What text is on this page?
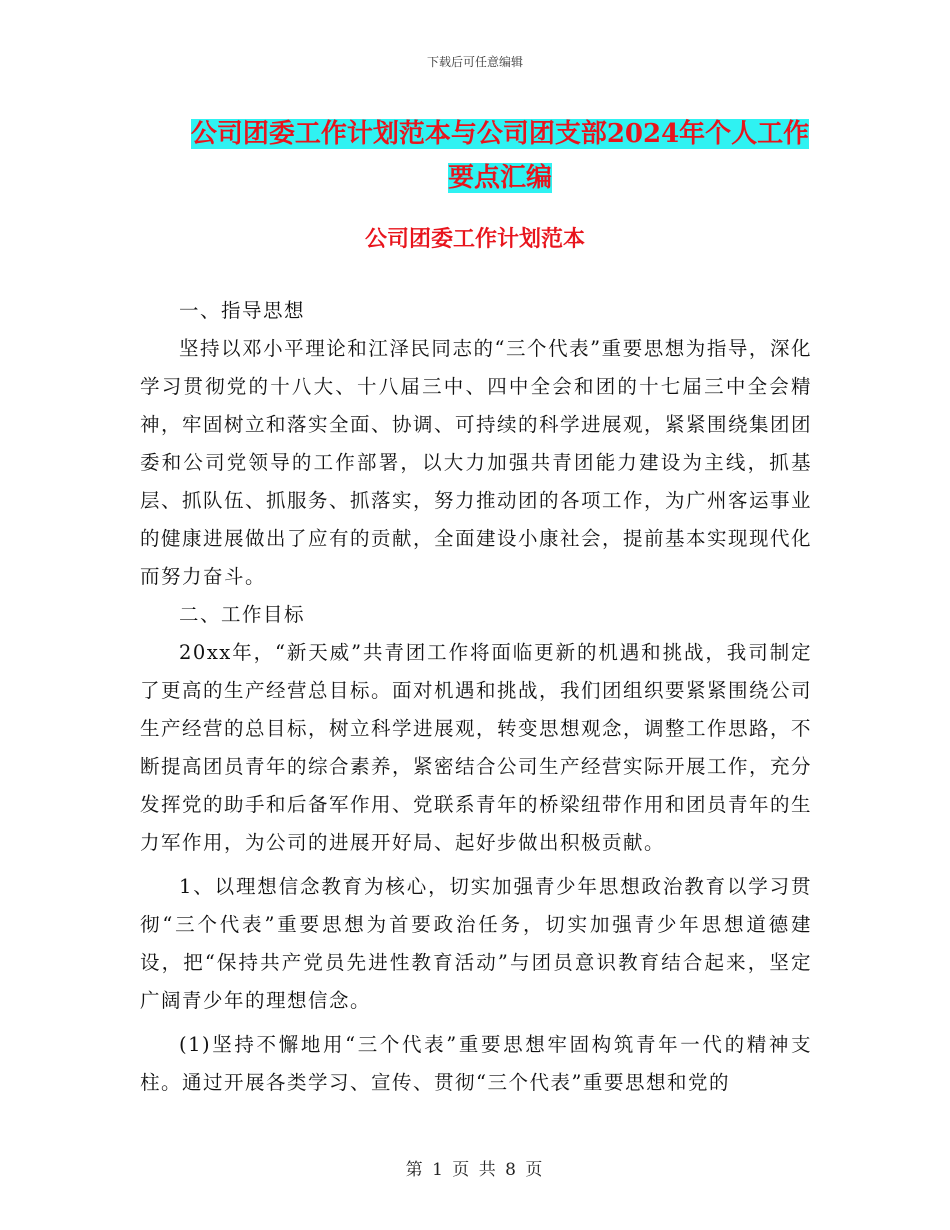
下载后可任意编辑
公司团委工作计划范本与公司团支部2024年个人工作
要点汇编
公司团委工作计划范本

一、指导思想

坚持以邓小平理论和江泽民同志的“三个代表”重要思想为指导，深化学习贯彻党的十八大、十八届三中、四中全会和团的十七届三中全会精神，牢固树立和落实全面、协调、可持续的科学进展观，紧紧围绕集团团委和公司党领导的工作部署，以大力加强共青团能力建设为主线，抓基层、抓队伍、抓服务、抓落实，努力推动团的各项工作，为广州客运事业的健康进展做出了应有的贡献，全面建设小康社会，提前基本实现现代化而努力奋斗。

二、工作目标

20xx年，“新天威”共青团工作将面临更新的机遇和挑战，我司制定了更高的生产经营总目标。面对机遇和挑战，我们团组织要紧紧围绕公司生产经营的总目标，树立科学进展观，转变思想观念，调整工作思路，不断提高团员青年的综合素养，紧密结合公司生产经营实际开展工作，充分发挥党的助手和后备军作用、党联系青年的桥梁纽带作用和团员青年的生力军作用，为公司的进展开好局、起好步做出积极贡献。

1、以理想信念教育为核心，切实加强青少年思想政治教育以学习贯彻“三个代表”重要思想为首要政治任务，切实加强青少年思想道德建设，把“保持共产党员先进性教育活动”与团员意识教育结合起来，坚定广阔青少年的理想信念。

(1)坚持不懈地用“三个代表”重要思想牢固构筑青年一代的精神支柱。通过开展各类学习、宣传、贯彻“三个代表”重要思想和党的

第 1 页 共 8 页
